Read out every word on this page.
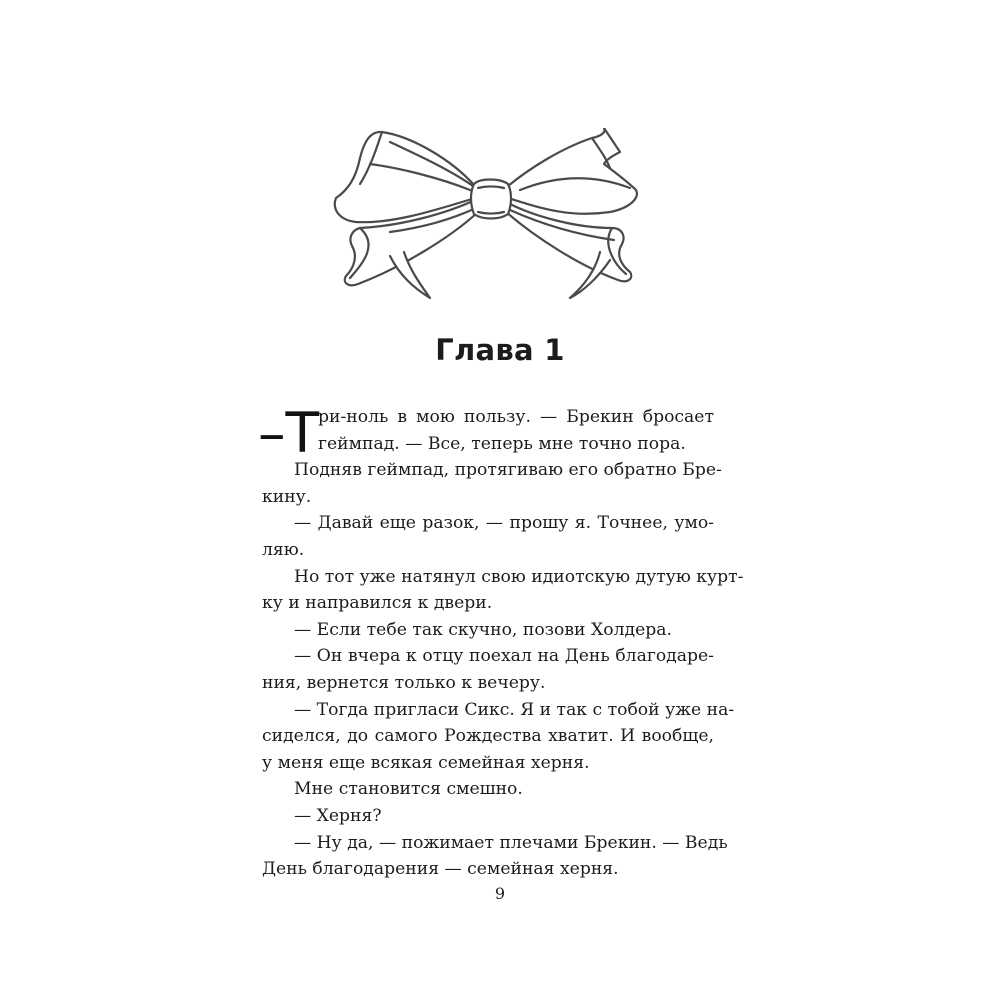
Глава 1
–Т
ри-ноль в мою пользу. — Брекин бросает
геймпад. — Все, теперь мне точно пора.
Подняв геймпад, протягиваю его обратно Бре-
кину.
— Давай еще разок, — прошу я. Точнее, умо-
ляю.
Но тот уже натянул свою идиотскую дутую курт-
ку и направился к двери.
— Если тебе так скучно, позови Холдера.
— Он вчера к отцу поехал на День благодаре-
ния, вернется только к вечеру.
— Тогда пригласи Сикс. Я и так с тобой уже на-
сиделся, до самого Рождества хватит. И вообще,
у меня еще всякая семейная херня.
Мне становится смешно.
— Херня?
— Ну да, — пожимает плечами Брекин. — Ведь
День благодарения — семейная херня.
9
